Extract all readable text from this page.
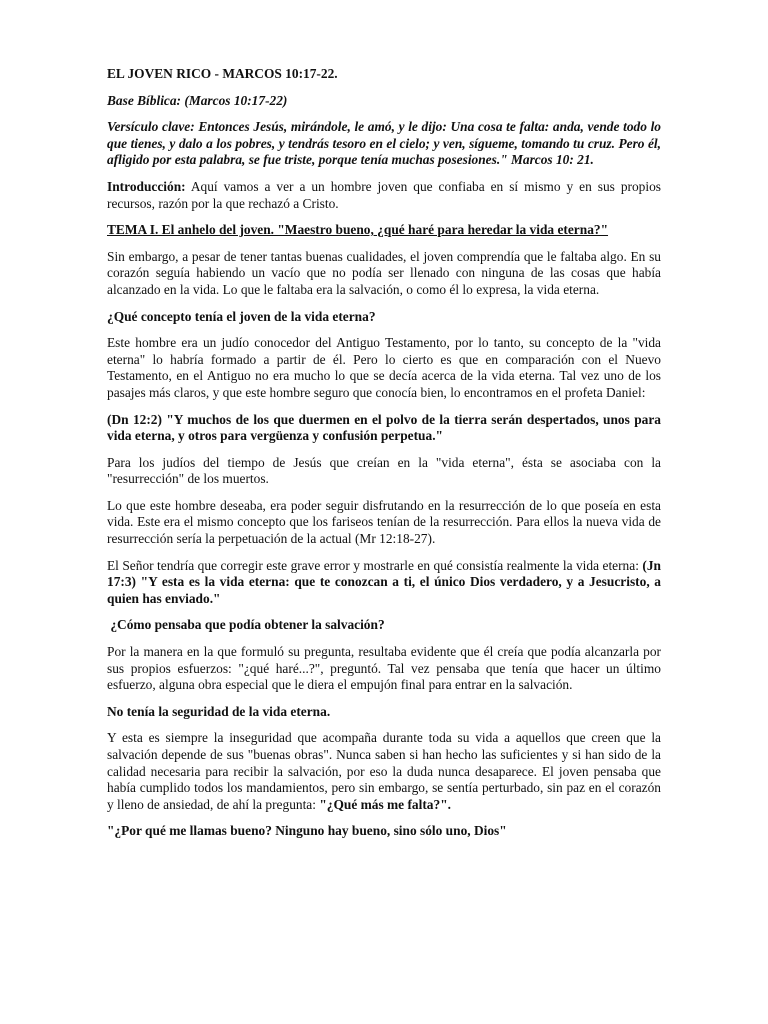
EL JOVEN RICO - MARCOS 10:17-22.

Base Bíblica: (Marcos 10:17-22)

Versículo clave: Entonces Jesús, mirándole, le amó, y le dijo: Una cosa te falta: anda, vende todo lo que tienes, y dalo a los pobres, y tendrás tesoro en el cielo; y ven, sígueme, tomando tu cruz. Pero él, afligido por esta palabra, se fue triste, porque tenía muchas posesiones." Marcos 10: 21.

Introducción: Aquí vamos a ver a un hombre joven que confiaba en sí mismo y en sus propios recursos, razón por la que rechazó a Cristo.

TEMA I. El anhelo del joven. "Maestro bueno, ¿qué haré para heredar la vida eterna?"

Sin embargo, a pesar de tener tantas buenas cualidades, el joven comprendía que le faltaba algo. En su corazón seguía habiendo un vacío que no podía ser llenado con ninguna de las cosas que había alcanzado en la vida. Lo que le faltaba era la salvación, o como él lo expresa, la vida eterna.

¿Qué concepto tenía el joven de la vida eterna?

Este hombre era un judío conocedor del Antiguo Testamento, por lo tanto, su concepto de la "vida eterna" lo habría formado a partir de él. Pero lo cierto es que en comparación con el Nuevo Testamento, en el Antiguo no era mucho lo que se decía acerca de la vida eterna. Tal vez uno de los pasajes más claros, y que este hombre seguro que conocía bien, lo encontramos en el profeta Daniel:

(Dn 12:2) "Y muchos de los que duermen en el polvo de la tierra serán despertados, unos para vida eterna, y otros para vergüenza y confusión perpetua."

Para los judíos del tiempo de Jesús que creían en la "vida eterna", ésta se asociaba con la "resurrección" de los muertos.

Lo que este hombre deseaba, era poder seguir disfrutando en la resurrección de lo que poseía en esta vida. Este era el mismo concepto que los fariseos tenían de la resurrección. Para ellos la nueva vida de resurrección sería la perpetuación de la actual (Mr 12:18-27).

El Señor tendría que corregir este grave error y mostrarle en qué consistía realmente la vida eterna: (Jn 17:3) "Y esta es la vida eterna: que te conozcan a ti, el único Dios verdadero, y a Jesucristo, a quien has enviado."

¿Cómo pensaba que podía obtener la salvación?

Por la manera en la que formuló su pregunta, resultaba evidente que él creía que podía alcanzarla por sus propios esfuerzos: "¿qué haré...?", preguntó. Tal vez pensaba que tenía que hacer un último esfuerzo, alguna obra especial que le diera el empujón final para entrar en la salvación.

No tenía la seguridad de la vida eterna.

Y esta es siempre la inseguridad que acompaña durante toda su vida a aquellos que creen que la salvación depende de sus "buenas obras". Nunca saben si han hecho las suficientes y si han sido de la calidad necesaria para recibir la salvación, por eso la duda nunca desaparece. El joven pensaba que había cumplido todos los mandamientos, pero sin embargo, se sentía perturbado, sin paz en el corazón y lleno de ansiedad, de ahí la pregunta: "¿Qué más me falta?".

"¿Por qué me llamas bueno? Ninguno hay bueno, sino sólo uno, Dios"
